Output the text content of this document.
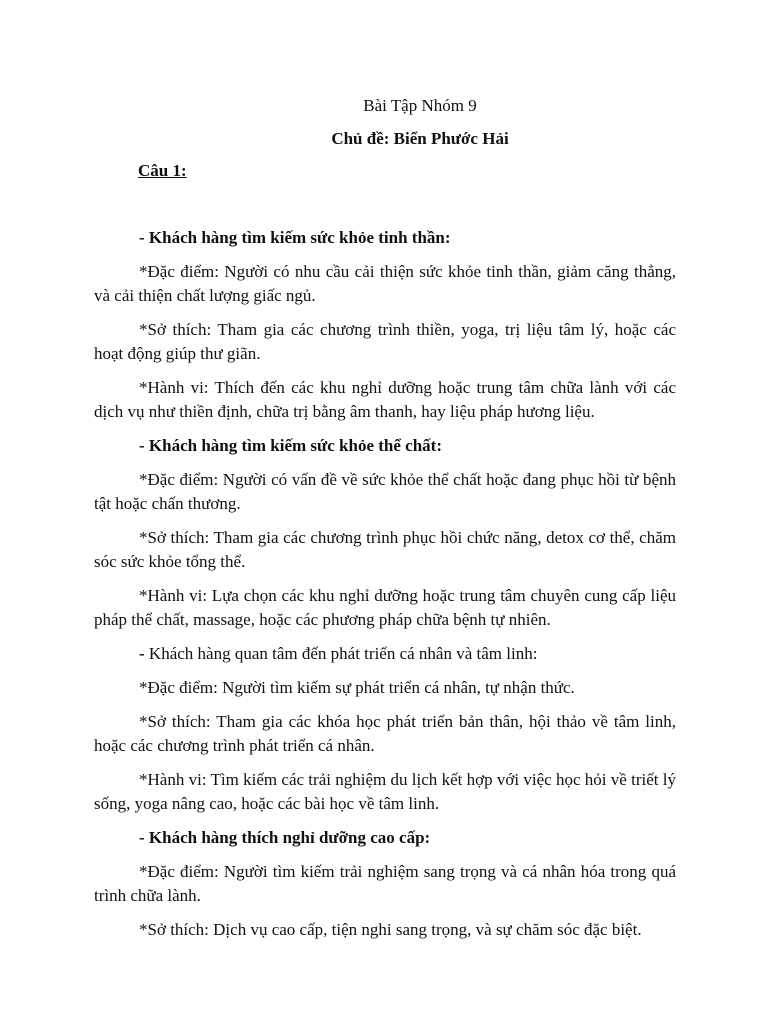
Bài Tập Nhóm 9
Chủ đề: Biển Phước Hải
Câu 1:

- Khách hàng tìm kiếm sức khỏe tinh thần:

*Đặc điểm: Người có nhu cầu cải thiện sức khỏe tinh thần, giảm căng thẳng, và cải thiện chất lượng giấc ngủ.

*Sở thích: Tham gia các chương trình thiền, yoga, trị liệu tâm lý, hoặc các hoạt động giúp thư giãn.

*Hành vi: Thích đến các khu nghỉ dưỡng hoặc trung tâm chữa lành với các dịch vụ như thiền định, chữa trị bằng âm thanh, hay liệu pháp hương liệu.

- Khách hàng tìm kiếm sức khỏe thể chất:

*Đặc điểm: Người có vấn đề về sức khỏe thể chất hoặc đang phục hồi từ bệnh tật hoặc chấn thương.

*Sở thích: Tham gia các chương trình phục hồi chức năng, detox cơ thể, chăm sóc sức khỏe tổng thể.

*Hành vi: Lựa chọn các khu nghỉ dưỡng hoặc trung tâm chuyên cung cấp liệu pháp thể chất, massage, hoặc các phương pháp chữa bệnh tự nhiên.

- Khách hàng quan tâm đến phát triển cá nhân và tâm linh:

*Đặc điểm: Người tìm kiếm sự phát triển cá nhân, tự nhận thức.

*Sở thích: Tham gia các khóa học phát triển bản thân, hội thảo về tâm linh, hoặc các chương trình phát triển cá nhân.

*Hành vi: Tìm kiếm các trải nghiệm du lịch kết hợp với việc học hỏi về triết lý sống, yoga nâng cao, hoặc các bài học về tâm linh.

- Khách hàng thích nghỉ dưỡng cao cấp:

*Đặc điểm: Người tìm kiếm trải nghiệm sang trọng và cá nhân hóa trong quá trình chữa lành.

*Sở thích: Dịch vụ cao cấp, tiện nghi sang trọng, và sự chăm sóc đặc biệt.
